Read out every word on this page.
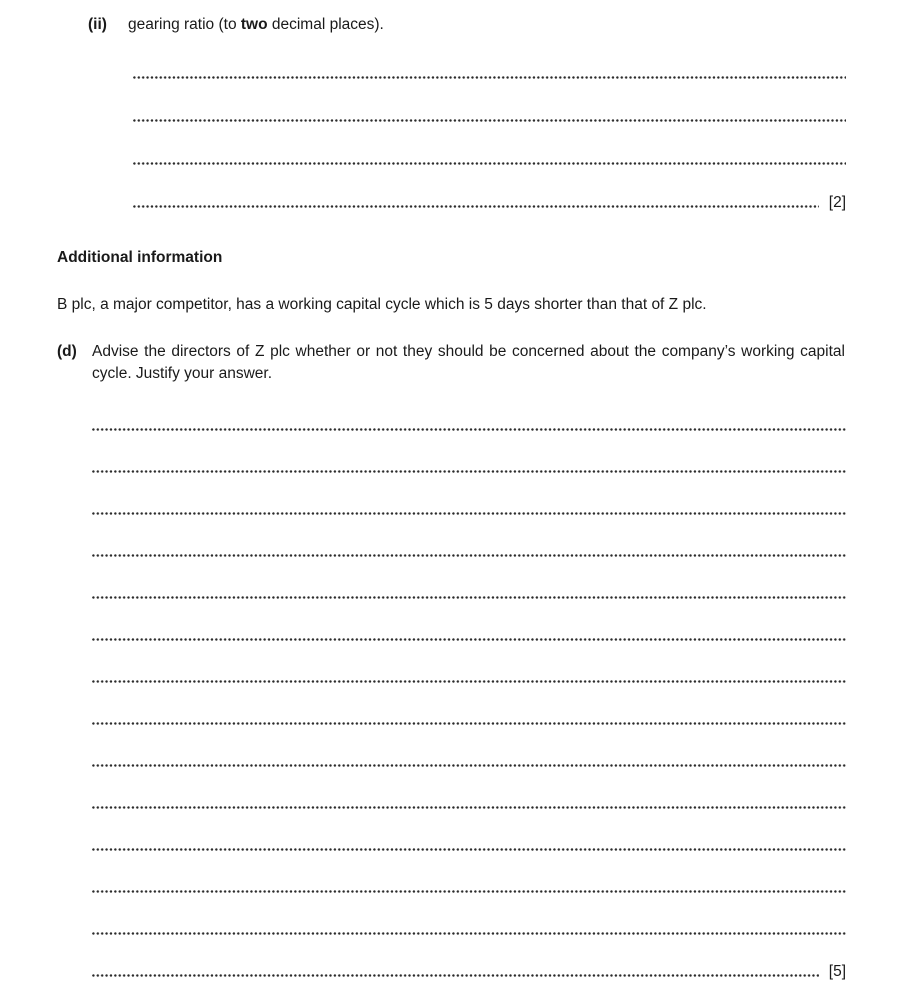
(ii)	gearing ratio (to two decimal places).
[2]
Additional information

B plc, a major competitor, has a working capital cycle which is 5 days shorter than that of Z plc.

(d) Advise the directors of Z plc whether or not they should be concerned about the company’s working capital cycle. Justify your answer.
[5]
